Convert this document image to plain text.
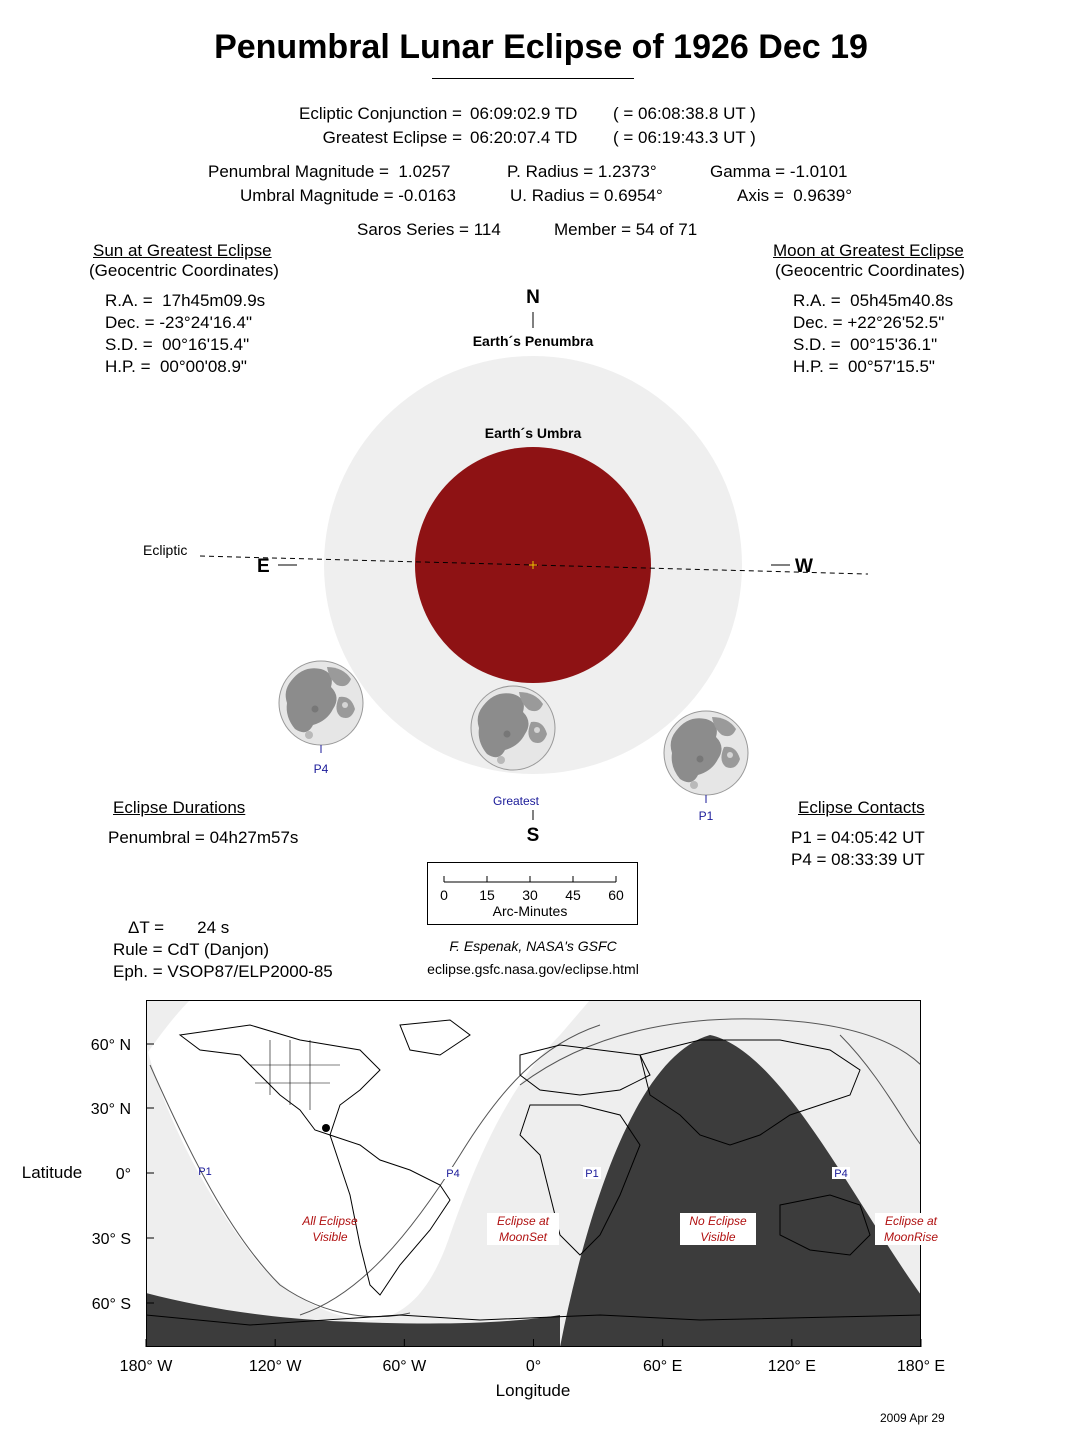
Penumbral Lunar Eclipse of 1926 Dec 19
Ecliptic Conjunction = 06:09:02.9 TD ( = 06:08:38.8 UT )
Greatest Eclipse = 06:20:07.4 TD ( = 06:19:43.3 UT )
Penumbral Magnitude =  1.0257
Umbral Magnitude = -0.0163
P. Radius = 1.2373°
U. Radius = 0.6954°
Gamma = -1.0101
Axis =  0.9639°
Saros Series = 114	Member = 54 of 71
Sun at Greatest Eclipse
(Geocentric Coordinates)
R.A. =  17h45m09.9s
Dec. = -23°24'16.4"
S.D. =  00°16'15.4"
H.P. =  00°00'08.9"
Moon at Greatest Eclipse
(Geocentric Coordinates)
R.A. =  05h45m40.8s
Dec. = +22°26'52.5"
S.D. =  00°15'36.1"
H.P. =  00°57'15.5"
N
S
E	W
Earth´s Penumbra
Earth´s Umbra
Ecliptic
P4
P1
Greatest
Eclipse Durations
Penumbral = 04h27m57s
Eclipse Contacts
P1 = 04:05:42 UT
P4 = 08:33:39 UT
0 15 30 45 60
Arc-Minutes
ΔT =       24 s
Rule = CdT (Danjon)
Eph. = VSOP87/ELP2000-85
F. Espenak, NASA's GSFC
eclipse.gsfc.nasa.gov/eclipse.html
2009 Apr 29
60° N
30° N
0°
30° S
60° S
180° W	120° W	60° W	0°	60° E	120° E	180° E
P1	P4	P1	P4
All Eclipse
Visible
Eclipse at
MoonSet
No Eclipse
Visible
Eclipse at
MoonRise
Latitude
Longitude
